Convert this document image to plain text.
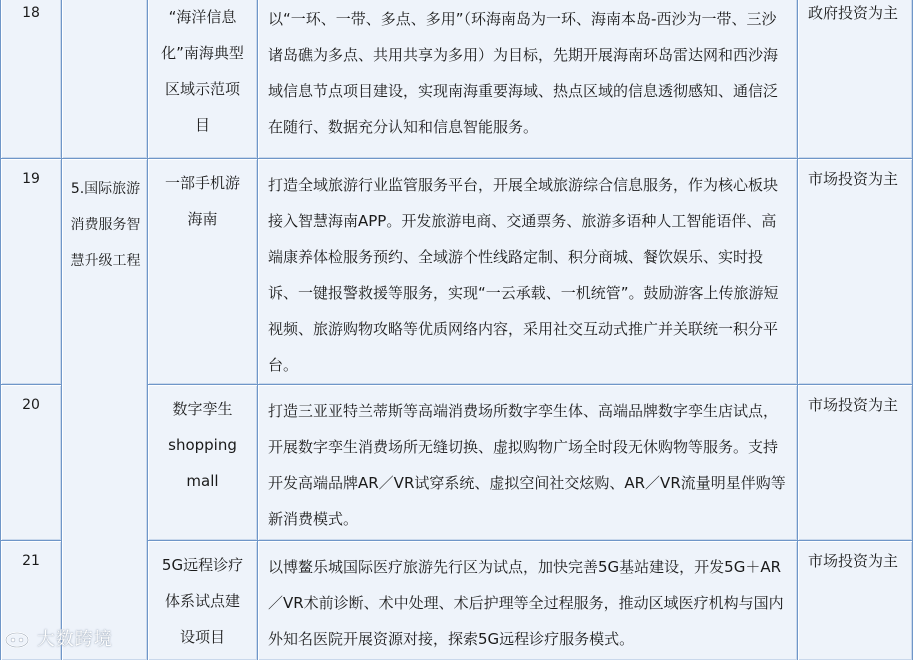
18		“海洋信息化”南海典型区域示范项目	以“一环、一带、多点、多用”（环海南岛为一环、海南本岛-西沙为一带、三沙诸岛礁为多点、共用共享为多用）为目标，先期开展海南环岛雷达网和西沙海域信息节点项目建设，实现南海重要海域、热点区域的信息透彻感知、通信泛在随行、数据充分认知和信息智能服务。	政府投资为主

19	5.国际旅游消费服务智慧升级工程	一部手机游海南	打造全域旅游行业监管服务平台，开展全域旅游综合信息服务，作为核心板块接入智慧海南APP。开发旅游电商、交通票务、旅游多语种人工智能语伴、高端康养体检服务预约、全域游个性线路定制、积分商城、餐饮娱乐、实时投诉、一键报警救援等服务，实现“一云承载、一机统管”。鼓励游客上传旅游短视频、旅游购物攻略等优质网络内容，采用社交互动式推广并关联统一积分平台。	市场投资为主

20		数字孪生shopping mall	打造三亚亚特兰蒂斯等高端消费场所数字孪生体、高端品牌数字孪生店试点，开展数字孪生消费场所无缝切换、虚拟购物广场全时段无休购物等服务。支持开发高端品牌AR／VR试穿系统、虚拟空间社交炫购、AR／VR流量明星伴购等新消费模式。	市场投资为主

21		5G远程诊疗体系试点建设项目	以博鳌乐城国际医疗旅游先行区为试点，加快完善5G基站建设，开发5G＋AR／VR术前诊断、术中处理、术后护理等全过程服务，推动区域医疗机构与国内外知名医院开展资源对接，探索5G远程诊疗服务模式。	市场投资为主
大数跨境
